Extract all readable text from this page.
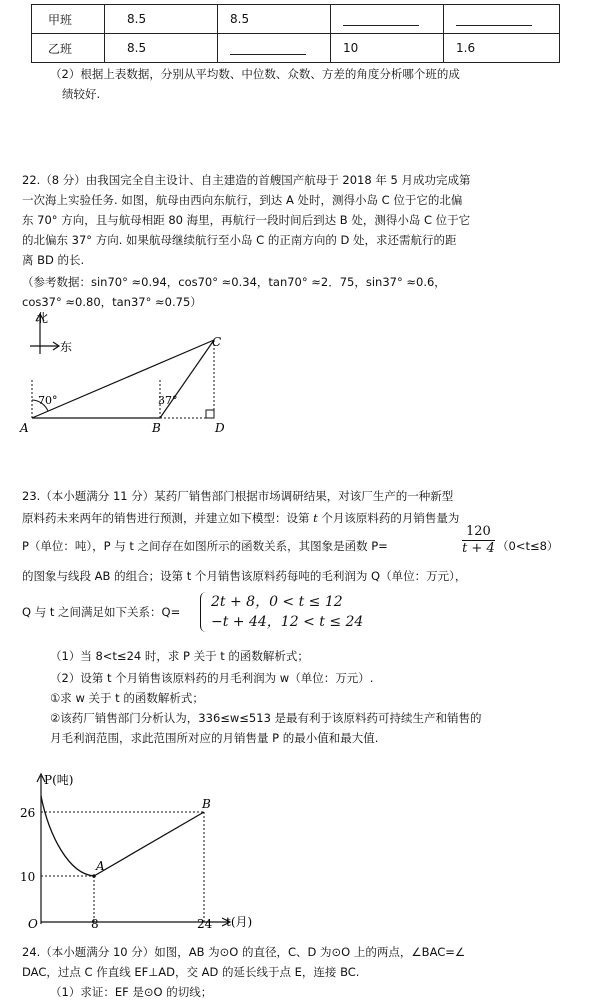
甲班	8.5	8.5		
乙班	8.5		10	1.6
（2）根据上表数据，分别从平均数、中位数、众数、方差的角度分析哪个班的成
绩较好.
22.（8 分）由我国完全自主设计、自主建造的首艘国产航母于 2018 年 5 月成功完成第
一次海上实验任务. 如图，航母由西向东航行，到达 A 处时，测得小岛 C 位于它的北偏
东 70° 方向，且与航母相距 80 海里，再航行一段时间后到达 B 处，测得小岛 C 位于它
的北偏东 37° 方向. 如果航母继续航行至小岛 C 的正南方向的 D 处，求还需航行的距
离 BD 的长.
（参考数据：sin70° ≈0.94，cos70° ≈0.34，tan70° ≈2．75，sin37° ≈0.6，
cos37° ≈0.80，tan37° ≈0.75）
北
东
70°	37°
A	B
C
D
23.（本小题满分 11 分）某药厂销售部门根据市场调研结果，对该厂生产的一种新型
原料药未来两年的销售进行预测，并建立如下模型：设第 t 个月该原料药的月销售量为
P（单位：吨），P 与 t 之间存在如图所示的函数关系，其图象是函数 P=	$\frac{120}{t + 4} (0<t\le 8)$
的图象与线段 AB 的组合；设第 t 个月销售该原料药每吨的毛利润为 Q（单位：万元），
Q 与 t 之间满足如下关系：Q=
2t + 8，0 < t ≤ 12
−t + 44，12 < t ≤ 24
（1）当 8<t≤24 时，求 P 关于 t 的函数解析式；
（2）设第 t 个月销售该原料药的月毛利润为 w（单位：万元）.
①求 w 关于 t 的函数解析式；
②该药厂销售部门分析认为，336≤w≤513 是最有利于该原料药可持续生产和销售的
月毛利润范围，求此范围所对应的月销售量 P 的最小值和最大值.
P(吨)
t(月)
26
10
O	8	24
A
B
24.（本小题满分 10 分）如图，AB 为⊙O 的直径，C、D 为⊙O 上的两点，∠BAC=∠
DAC，过点 C 作直线 EF⊥AD，交 AD 的延长线于点 E，连接 BC.
（1）求证：EF 是⊙O 的切线；
